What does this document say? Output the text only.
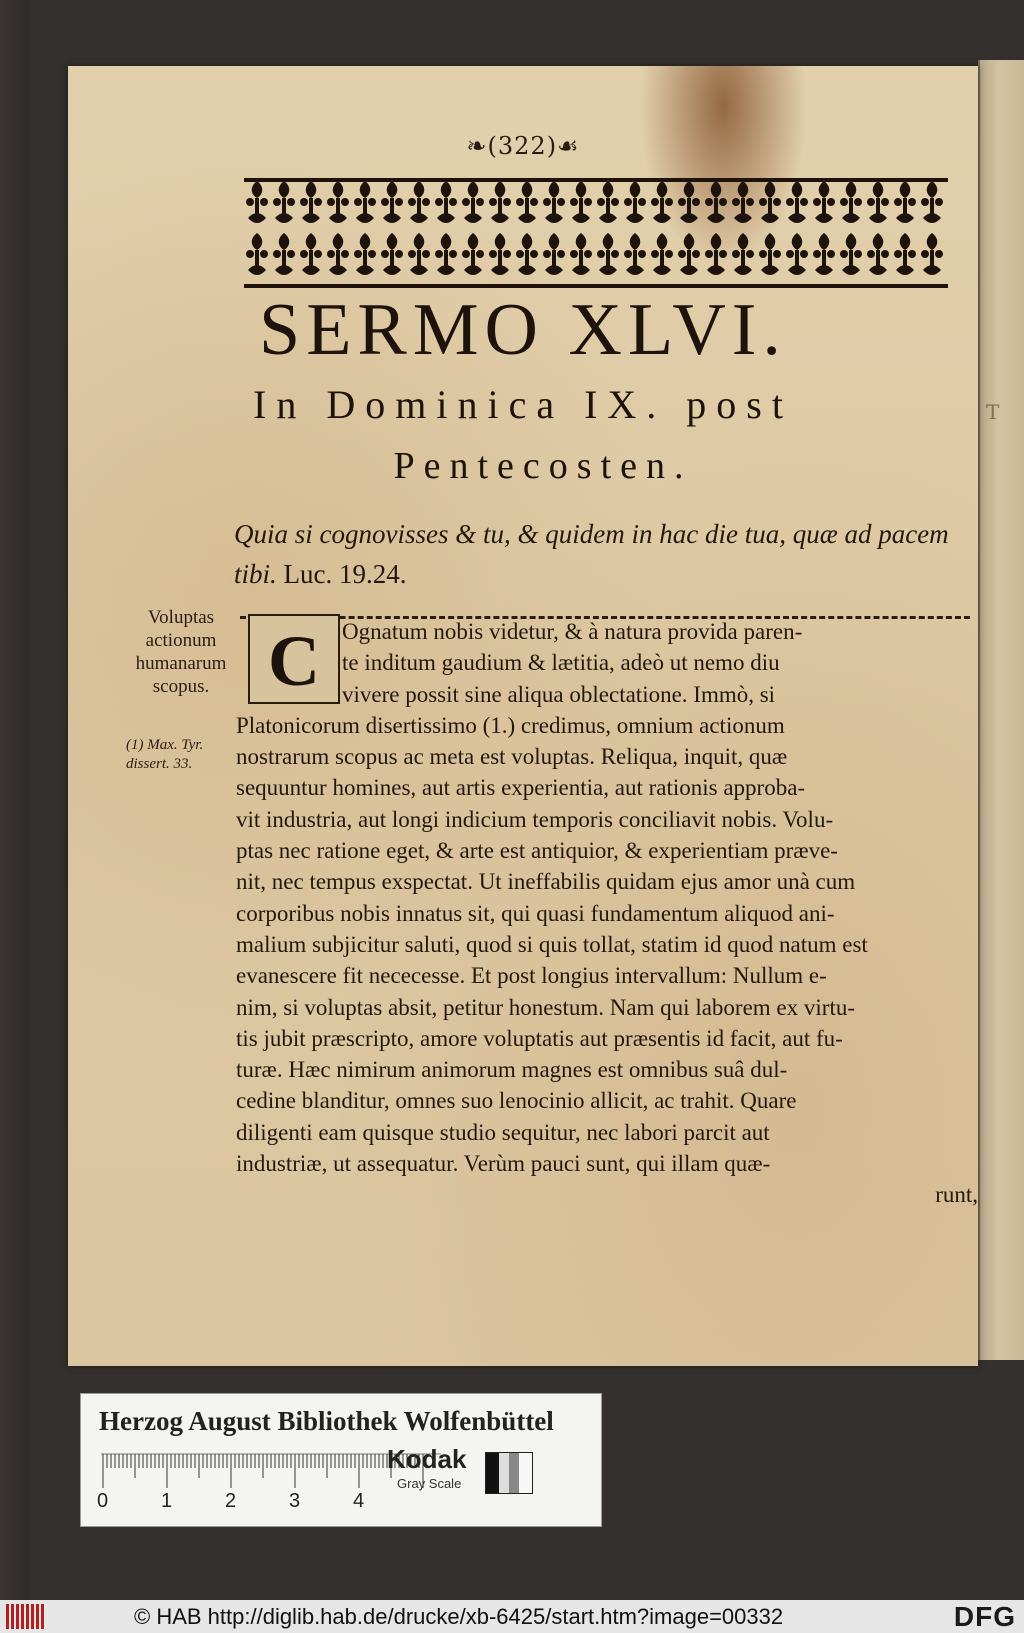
T
❧(322)☙
SERMO XLVI.
In Dominica IX. post
Pentecosten.
Quia si cognovisses & tu, & quidem in hac die tua, quæ ad pacem tibi. Luc. 19.24.
Voluptas actionum humanarum scopus.
(1) Max. Tyr. dissert. 33.
C Ognatum nobis videtur, & à natura provida paren-
te inditum gaudium & lætitia, adeò ut nemo diu
vivere possit sine aliqua oblectatione. Immò, si
Platonicorum disertissimo (1.) credimus, omnium actionum
nostrarum scopus ac meta est voluptas. Reliqua, inquit, quæ
sequuntur homines, aut artis experientia, aut rationis approba-
vit industria, aut longi indicium temporis conciliavit nobis. Volu-
ptas nec ratione eget, & arte est antiquior, & experientiam præve-
nit, nec tempus exspectat. Ut ineffabilis quidam ejus amor unà cum
corporibus nobis innatus sit, qui quasi fundamentum aliquod ani-
malium subjicitur saluti, quod si quis tollat, statim id quod natum est
evanescere fit nececesse. Et post longius intervallum: Nullum e-
nim, si voluptas absit, petitur honestum. Nam qui laborem ex virtu-
tis jubit præscripto, amore voluptatis aut præsentis id facit, aut fu-
turæ. Hæc nimirum animorum magnes est omnibus suâ dul-
cedine blanditur, omnes suo lenocinio allicit, ac trahit. Quare
diligenti eam quisque studio sequitur, nec labori parcit aut
industriæ, ut assequatur. Verùm pauci sunt, qui illam quæ-
runt,
Herzog August Bibliothek Wolfenbüttel
0	1	2	3	4
Kodak
Gray Scale
© HAB http://diglib.hab.de/drucke/xb-6425/start.htm?image=00332	DFG
